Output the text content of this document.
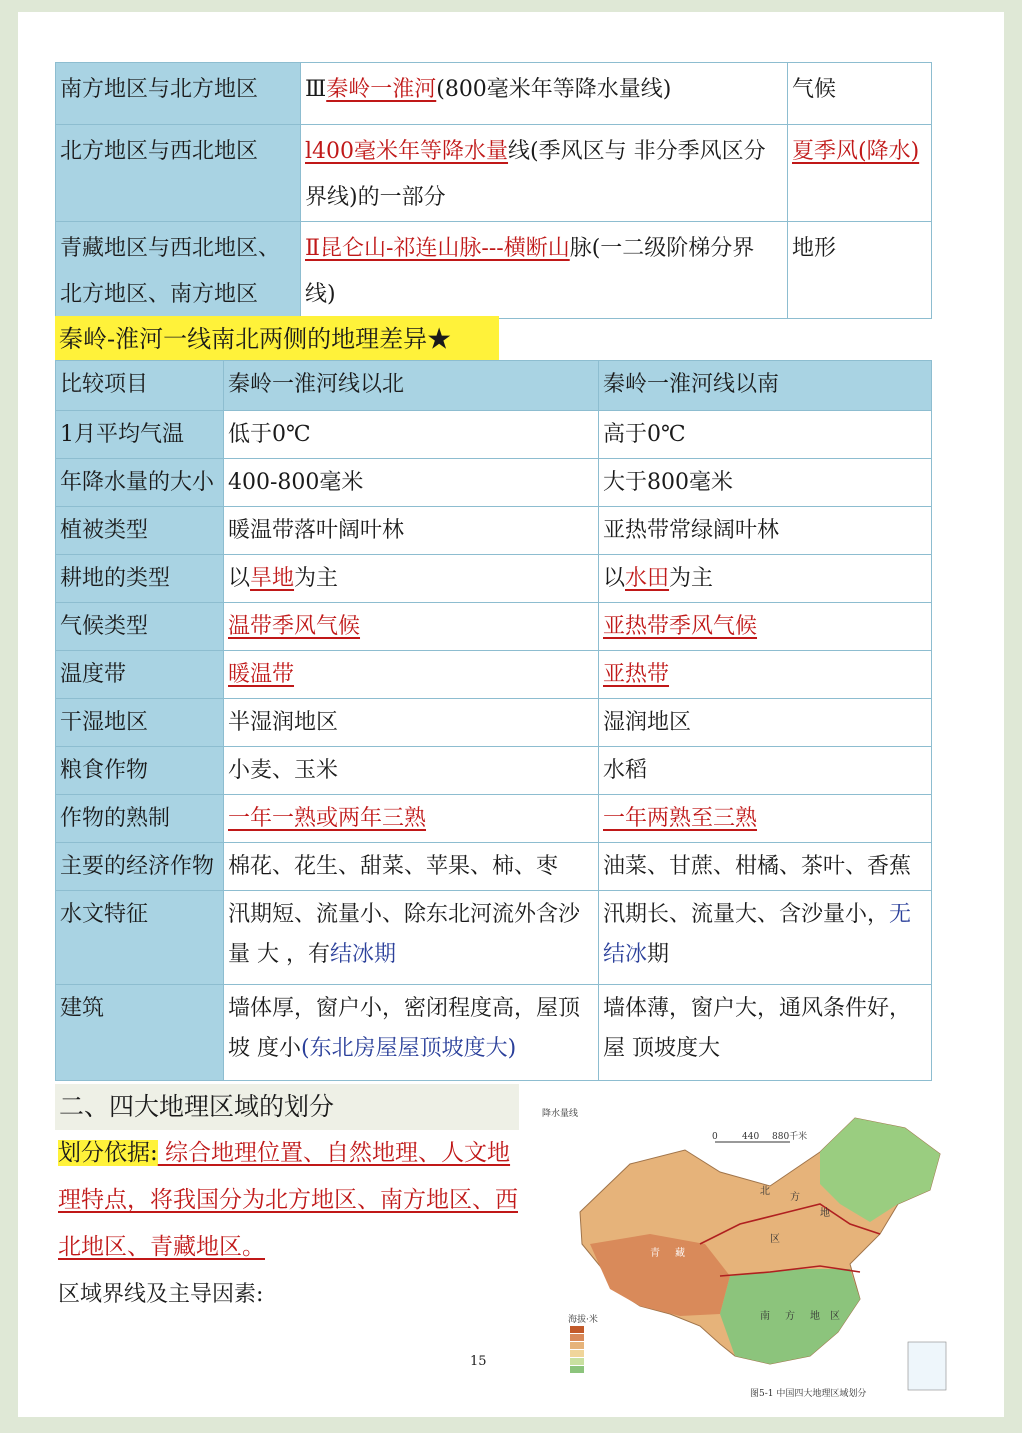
南方地区与北方地区	Ⅲ秦岭一淮河(800毫米年等降水量线)	气候
北方地区与西北地区	l400毫米年等降水量线(季风区与 非分季风区分界线)的一部分	夏季风(降水)
青藏地区与西北地区、北方地区、南方地区	Ⅱ昆仑山-祁连山脉---横断山脉(一二级阶梯分界线)	地形
秦岭-淮河一线南北两侧的地理差异★
比较项目	秦岭一淮河线以北	秦岭一淮河线以南
1月平均气温	低于0℃	高于0℃
年降水量的大小	400-800毫米	大于800毫米
植被类型	暖温带落叶阔叶林	亚热带常绿阔叶林
耕地的类型	以旱地为主	以水田为主
气候类型	温带季风气候	亚热带季风气候
温度带	暖温带	亚热带
干湿地区	半湿润地区	湿润地区
粮食作物	小麦、玉米	水稻
作物的熟制	一年一熟或两年三熟	一年两熟至三熟
主要的经济作物	棉花、花生、甜菜、苹果、柿、枣	油菜、甘蔗、柑橘、茶叶、香蕉
水文特征	汛期短、流量小、除东北河流外含沙量 大 ，有结冰期	汛期长、流量大、含沙量小，无结冰期
建筑	墙体厚，窗户小，密闭程度高，屋顶坡 度小(东北房屋屋顶坡度大)	墙体薄，窗户大，通风条件好，屋 顶坡度大
二、四大地理区域的划分
划分依据: 综合地理位置、自然地理、人文地理特点，将我国分为北方地区、南方地区、西北地区、青藏地区。
区域界线及主导因素:
降水量线
0	440 880千米
海拔·米
北
方
地
区
青 藏
南 方 地 区
图5-1 中国四大地理区域划分
15
